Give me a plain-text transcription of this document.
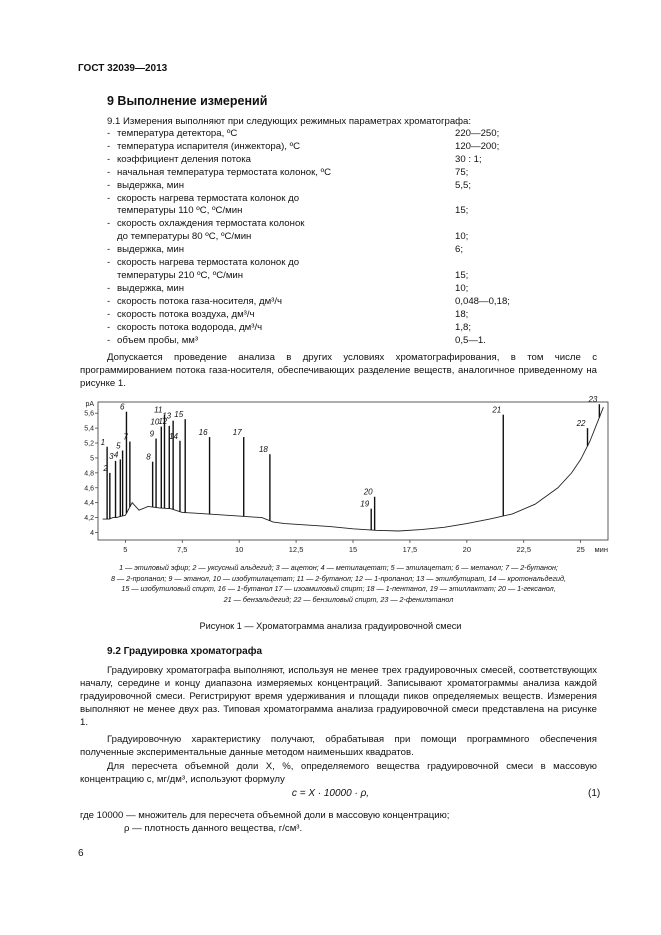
ГОСТ 32039—2013
9 Выполнение измерений
9.1 Измерения выполняют при следующих режимных параметрах хроматографа:
- температура детектора, ºС	220—250;
- температура испарителя (инжектора), ºС	120—200;
- коэффициент деления потока	30 : 1;
- начальная температура термостата колонок, ºС	75;
- выдержка, мин	5,5;
- скорость нагрева термостата колонок до
температуры 110 ºС, ºС/мин	15;
- скорость охлаждения термостата колонок
до температуры 80 ºС, ºС/мин	10;
- выдержка, мин	6;
- скорость нагрева термостата колонок до
температуры 210 ºС, ºС/мин	15;
- выдержка, мин	10;
- скорость потока газа-носителя, дм³/ч	0,048—0,18;
- скорость потока воздуха, дм³/ч	18;
- скорость потока водорода, дм³/ч	1,8;
- объем пробы, мм³	0,5—1.
Допускается проведение анализа в других условиях хроматографирования, в том числе с программированием потока газа-носителя, обеспечивающих разделение веществ, аналогичное приведенному на рисунке 1.
4
4,2
4,4
4,6
4,8
5
5,2
5,4
5,6
pA
5	7,5	10	12,5	15	17,5	20	22,5	25 мин
1
2
3 4
5
6
7
8
9
10
11
12
13
14
15
16	17
18
19
20
21
22
23
1 — этиловый эфир; 2 — уксусный альдегид; 3 — ацетон; 4 — метилацетат; 5 — этилацетат; 6 — метанол; 7 — 2-бутанон;
8 — 2-пропанол; 9 — этанол, 10 — изобутилацетат; 11 — 2-бутанол; 12 — 1-пропанол; 13 — этилбутират, 14 — кротональдегид,
15 — изобутиловый спирт, 16 — 1-бутанол 17 — изоамиловый спирт; 18 — 1-пентанол, 19 — этиллактат; 20 — 1-гексанол,
21 — бензальдегид; 22 — бензиловый спирт, 23 — 2-фенилэтанол
Рисунок 1 — Хроматограмма анализа градуировочной смеси
9.2 Градуировка хроматографа
Градуировку хроматографа выполняют, используя не менее трех градуировочных смесей, соответствующих началу, середине и концу диапазона измеряемых концентраций. Записывают хроматограммы анализа каждой градуировочной смеси. Регистрируют время удерживания и площади пиков определяемых веществ. Измерения выполняют не менее двух раз. Типовая хроматограмма анализа градуировочной смеси представлена на рисунке 1.
Градуировочную характеристику получают, обрабатывая при помощи программного обеспечения полученные экспериментальные данные методом наименьших квадратов.
Для пересчета объемной доли X, %, определяемого вещества градуировочной смеси в массовую концентрацию с, мг/дм³, используют формулу
c = X · 10000 · ρ,	(1)
где 10000 — множитель для пересчета объемной доли в массовую концентрацию;
ρ — плотность данного вещества, г/см³.
6
